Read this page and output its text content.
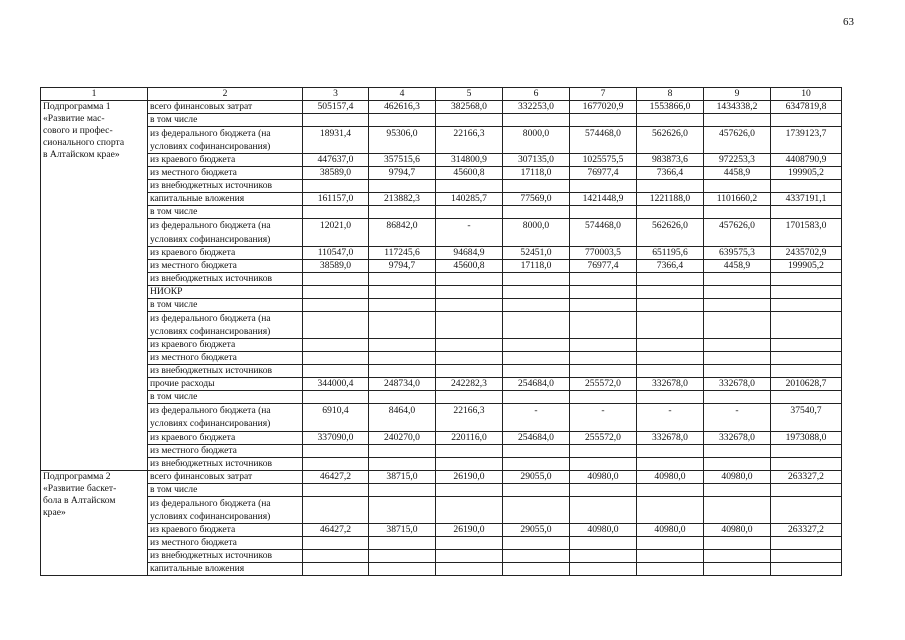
63
1	2	3	4	5	6	7	8	9	10

Подпрограмма 1
«Развитие мас-
сового и профес-
сионального спорта
в Алтайском крае»	всего финансовых затрат	505157,4	462616,3	382568,0	332253,0	1677020,9	1553866,0	1434338,2	6347819,8
	в том числе								
	из федерального бюджета (на условиях софинансирования)	18931,4	95306,0	22166,3	8000,0	574468,0	562626,0	457626,0	1739123,7
	из краевого бюджета	447637,0	357515,6	314800,9	307135,0	1025575,5	983873,6	972253,3	4408790,9
	из местного бюджета	38589,0	9794,7	45600,8	17118,0	76977,4	7366,4	4458,9	199905,2
	из внебюджетных источников								
	капитальные вложения	161157,0	213882,3	140285,7	77569,0	1421448,9	1221188,0	1101660,2	4337191,1
	в том числе								
	из федерального бюджета (на условиях софинансирования)	12021,0	86842,0	-	8000,0	574468,0	562626,0	457626,0	1701583,0
	из краевого бюджета	110547,0	117245,6	94684,9	52451,0	770003,5	651195,6	639575,3	2435702,9
	из местного бюджета	38589,0	9794,7	45600,8	17118,0	76977,4	7366,4	4458,9	199905,2
	из внебюджетных источников								
	НИОКР								
	в том числе								
	из федерального бюджета (на условиях софинансирования)								
	из краевого бюджета								
	из местного бюджета								
	из внебюджетных источников								
	прочие расходы	344000,4	248734,0	242282,3	254684,0	255572,0	332678,0	332678,0	2010628,7
	в том числе								
	из федерального бюджета (на условиях софинансирования)	6910,4	8464,0	22166,3	-	-	-	-	37540,7
	из краевого бюджета	337090,0	240270,0	220116,0	254684,0	255572,0	332678,0	332678,0	1973088,0
	из местного бюджета								
	из внебюджетных источников								

Подпрограмма 2
«Развитие баскет-
бола в Алтайском
крае»	всего финансовых затрат	46427,2	38715,0	26190,0	29055,0	40980,0	40980,0	40980,0	263327,2
	в том числе								
	из федерального бюджета (на условиях софинансирования)								
	из краевого бюджета	46427,2	38715,0	26190,0	29055,0	40980,0	40980,0	40980,0	263327,2
	из местного бюджета								
	из внебюджетных источников								
	капитальные вложения								
